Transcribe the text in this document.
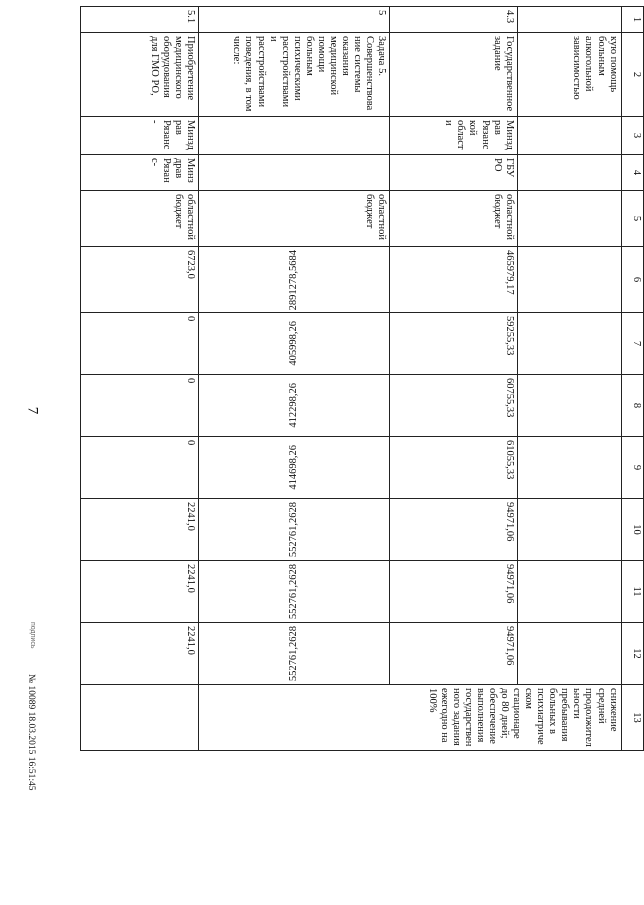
7
1	2	3	4	5	6	7	8	9	10	11	12	13
	кую помощь больным алкогольной зависимостью											снижение средней продолжительности пребывания больных в психиатрическом стационаре до 80 дней; обеспечение выполнения государственного задания ежегодно на 100%
4.3	Государственное задание	Минздрав Рязанской области	ГБУ РО	областной бюджет	465979,17	59255,33	60755,33	61055,33	94971,06	94971,06	94971,06	
5	Задача 5. Совершенствование системы оказания медицинской помощи больным психическими расстройствами и расстройствами поведения, в том числе:			областной бюджет	2891278,5684	405998,26	412298,26	414698,26	552761,2628	552761,2628	552761,2628	
5.1	Приобретение медицинского оборудования для ГМО РО,	Минздрав Рязанс-	Минздрав Рязанс-	областной бюджет	6723,0	0	0	0	2241,0	2241,0	2241,0	
подпись
№ 10089 18.03.2015 16:51:45
